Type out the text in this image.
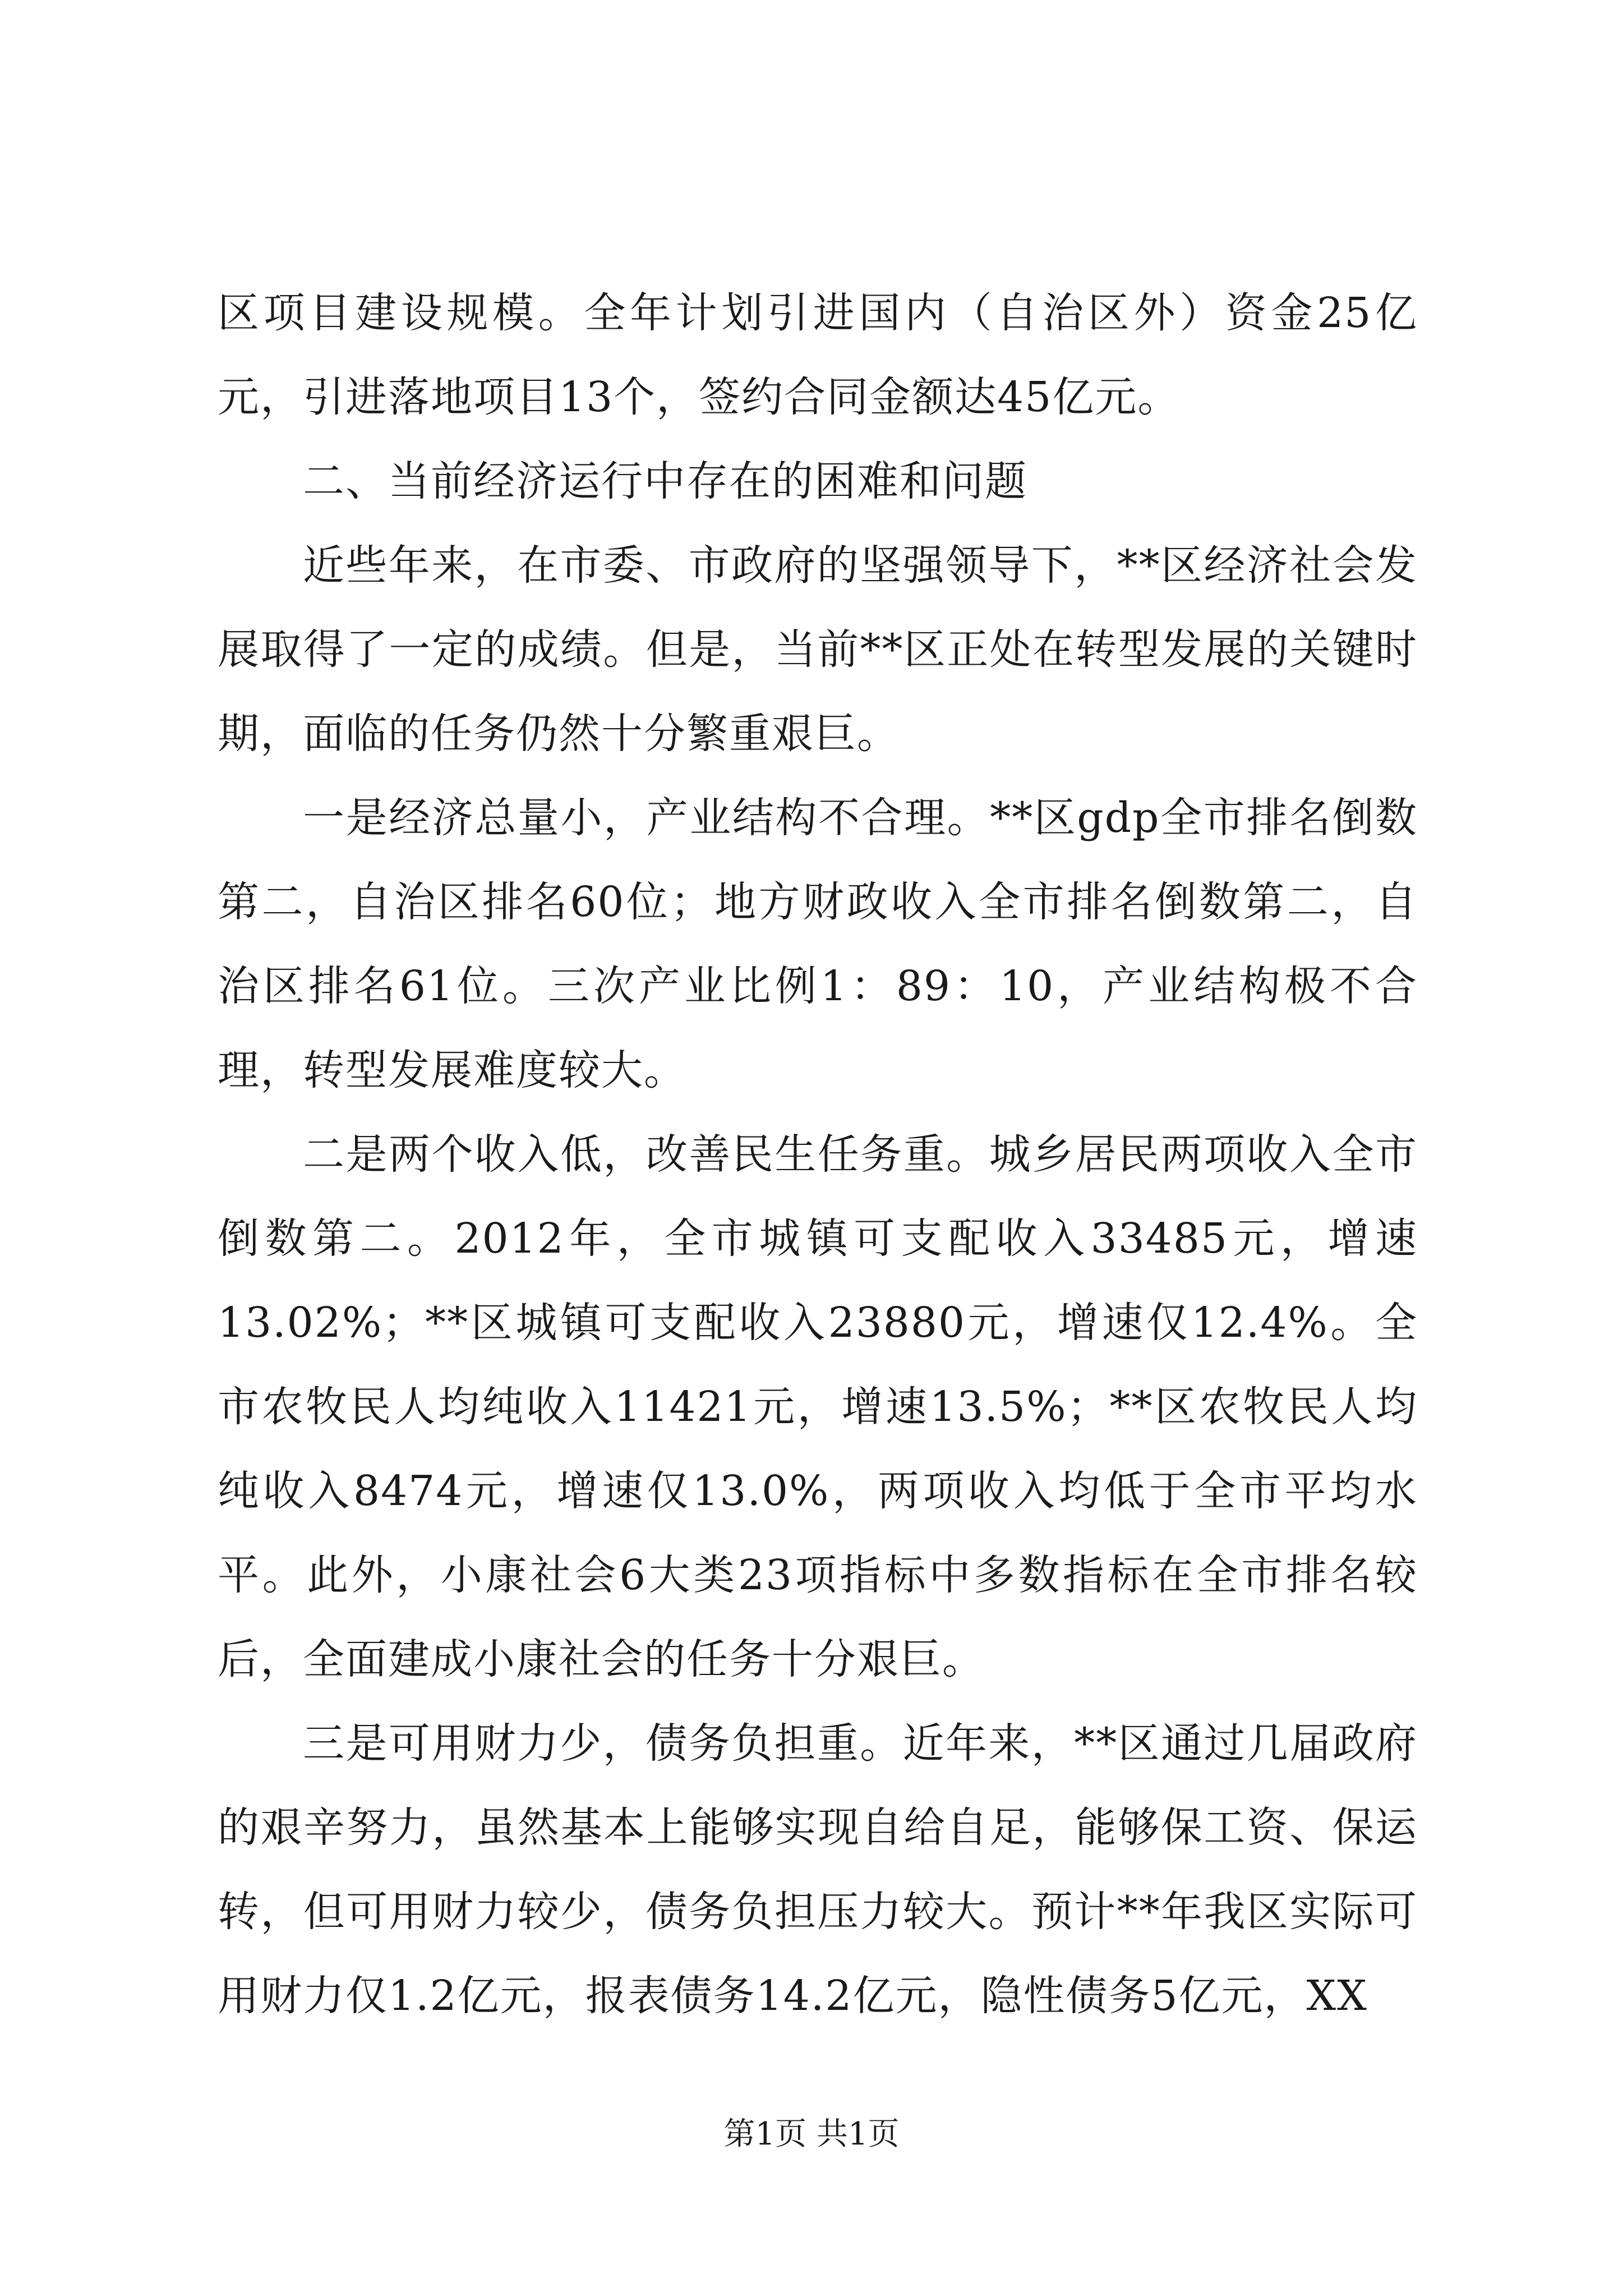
区项目建设规模。全年计划引进国内（自治区外）资金25亿元，引进落地项目13个，签约合同金额达45亿元。

二、当前经济运行中存在的困难和问题

近些年来，在市委、市政府的坚强领导下，**区经济社会发展取得了一定的成绩。但是，当前**区正处在转型发展的关键时期，面临的任务仍然十分繁重艰巨。

一是经济总量小，产业结构不合理。**区gdp全市排名倒数第二，自治区排名60位；地方财政收入全市排名倒数第二，自治区排名61位。三次产业比例1：89：10，产业结构极不合理，转型发展难度较大。

二是两个收入低，改善民生任务重。城乡居民两项收入全市倒数第二。2012年，全市城镇可支配收入33485元，增速13.02%；**区城镇可支配收入23880元，增速仅12.4%。全市农牧民人均纯收入11421元，增速13.5%；**区农牧民人均纯收入8474元，增速仅13.0%，两项收入均低于全市平均水平。此外，小康社会6大类23项指标中多数指标在全市排名较后，全面建成小康社会的任务十分艰巨。

三是可用财力少，债务负担重。近年来，**区通过几届政府的艰辛努力，虽然基本上能够实现自给自足，能够保工资、保运转，但可用财力较少，债务负担压力较大。预计**年我区实际可用财力仅1.2亿元，报表债务14.2亿元，隐性债务5亿元，XX

第1页 共1页
